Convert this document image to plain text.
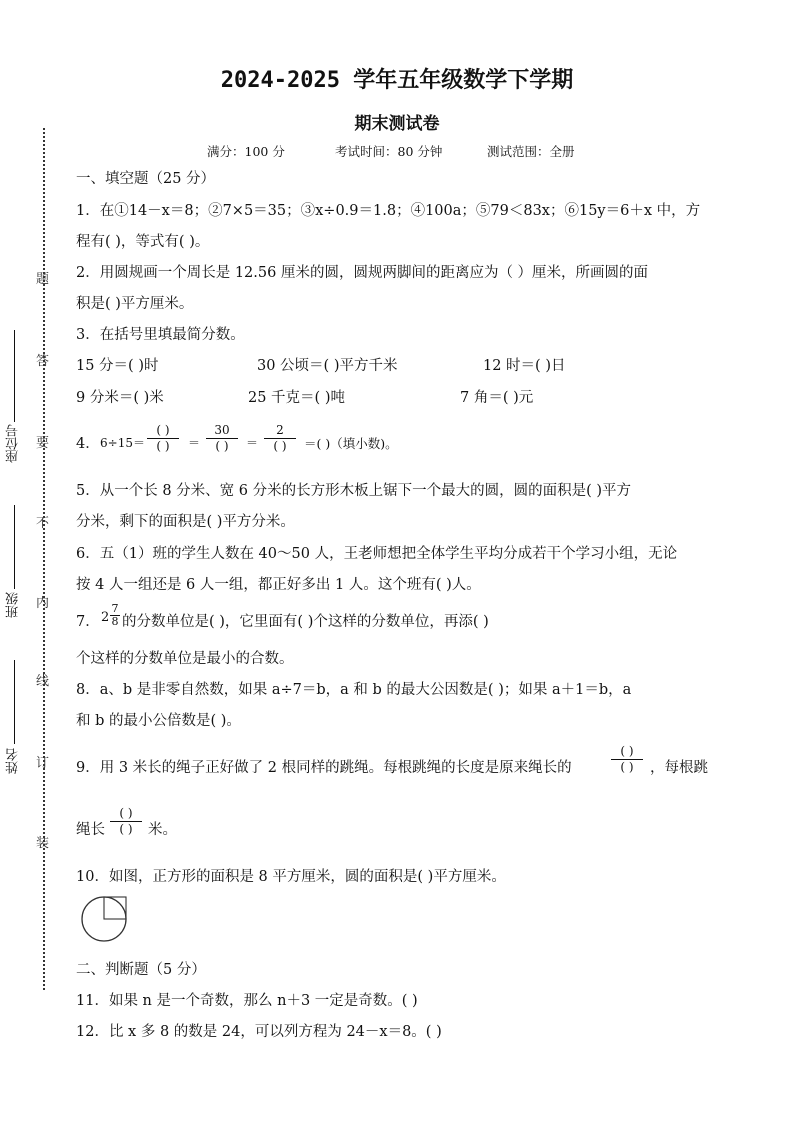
题
答
要
不
内
线
订
装
座位号
班级
姓名
2024-2025 学年五年级数学下学期
期末测试卷
满分：100 分	考试时间：80 分钟	测试范围：全册
一、填空题（25 分）
1．在①14－x＝8；②7×5＝35；③x÷0.9＝1.8；④100a；⑤79＜83x；⑥15y＝6＋x 中，方
程有( )，等式有( )。
2．用圆规画一个周长是 12.56 厘米的圆，圆规两脚间的距离应为（ ）厘米，所画圆的面
积是( )平方厘米。
3．在括号里填最简分数。
15 分＝( )时	30 公顷＝( )平方千米	12 时＝( )日
9 分米＝( )米	25 千克＝( )吨	7 角＝( )元
4． 6÷15＝
( )
( )	＝
30
( )	＝
2
( )	＝( )（填小数)。
5．从一个长 8 分米、宽 6 分米的长方形木板上锯下一个最大的圆，圆的面积是( )平方
分米，剩下的面积是( )平方分米。
6．五（1）班的学生人数在 40～50 人，王老师想把全体学生平均分成若干个学习小组，无论
按 4 人一组还是 6 人一组，都正好多出 1 人。这个班有( )人。
7． $2 \frac{7}{8}$ 的分数单位是( )，它里面有( )个这样的分数单位，再添( )
个这样的分数单位是最小的合数。
8．a、b 是非零自然数，如果 a÷7＝b，a 和 b 的最大公因数是( )；如果 a＋1＝b，a
和 b 的最小公倍数是( )。
9．用 3 米长的绳子正好做了 2 根同样的跳绳。每根跳绳的长度是原来绳长的
( )
( )	，每根跳
绳长
( )
( )	米。
10．如图，正方形的面积是 8 平方厘米，圆的面积是( )平方厘米。
二、判断题（5 分）
11．如果 n 是一个奇数，那么 n＋3 一定是奇数。( )
12．比 x 多 8 的数是 24，可以列方程为 24－x＝8。( )
